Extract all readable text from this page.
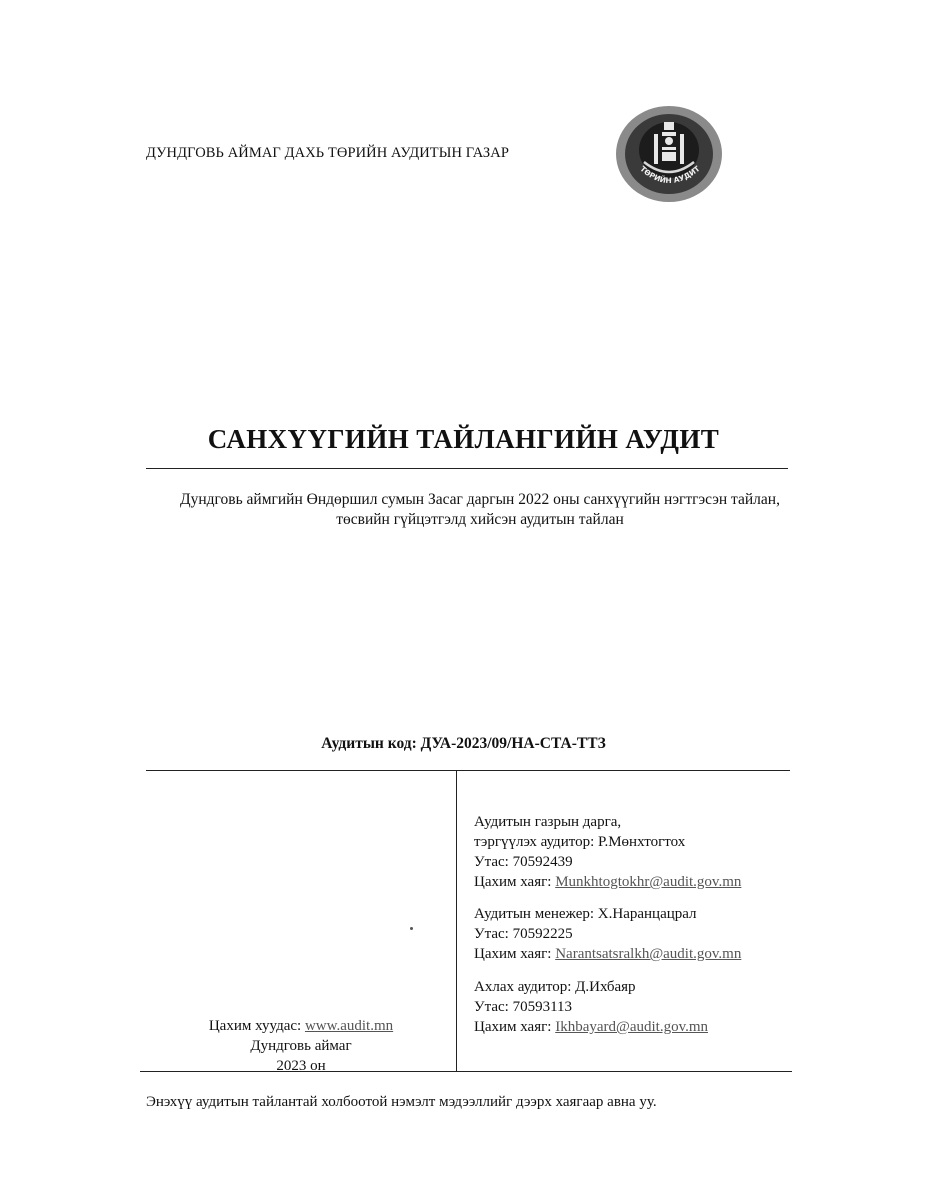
ДУНДГОВЬ АЙМАГ ДАХЬ ТӨРИЙН АУДИТЫН ГАЗАР
ТӨРИЙН АУДИТ
САНХҮҮГИЙН ТАЙЛАНГИЙН АУДИТ
Дундговь аймгийн Өндөршил сумын Засаг даргын 2022 оны санхүүгийн нэгтгэсэн тайлан,
төсвийн гүйцэтгэлд хийсэн аудитын тайлан
Аудитын код: ДУА-2023/09/НА-СТА-ТТЗ
Аудитын газрын дарга,
тэргүүлэх аудитор: Р.Мөнхтогтох
Утас: 70592439
Цахим хаяг: Munkhtogtokhr@audit.gov.mn
Аудитын менежер: Х.Наранцацрал
Утас: 70592225
Цахим хаяг: Narantsatsralkh@audit.gov.mn
Ахлах аудитор: Д.Ихбаяр
Утас: 70593113
Цахим хаяг: Ikhbayard@audit.gov.mn
Цахим хуудас: www.audit.mn
Дундговь аймаг
2023 он
Энэхүү аудитын тайлантай холбоотой нэмэлт мэдээллийг дээрх хаягаар авна уу.
